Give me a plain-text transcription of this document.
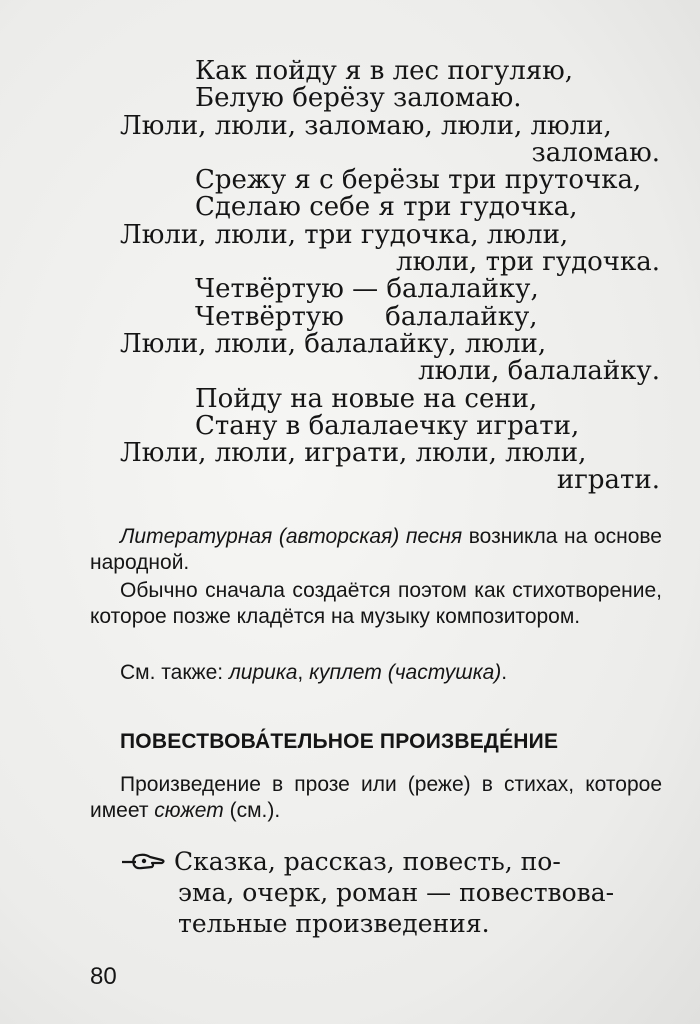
Как пойду я в лес погуляю,
Белую берёзу заломаю.
Люли, люли, заломаю, люли, люли,
заломаю.
Срежу я с берёзы три пруточка,
Сделаю себе я три гудочка,
Люли, люли, три гудочка, люли,
люли, три гудочка.
Четвёртую — балалайку,
Четвёртую     балалайку,
Люли, люли, балалайку, люли,
люли, балалайку.
Пойду на новые на сени,
Стану в балалаечку играти,
Люли, люли, играти, люли, люли,
играти.
Литературная (авторская) песня возникла на основе народной.
Обычно сначала создаётся поэтом как стихотворение, которое позже кладётся на музыку композитором.
См. также: лирика, куплет (частушка).
ПОВЕСТВОВА́ТЕЛЬНОЕ ПРОИЗВЕДЕ́НИЕ
Произведение в прозе или (реже) в стихах, которое имеет сюжет (см.).
Сказка, рассказ, повесть, по-
эма, очерк, роман — повествова-
тельные произведения.
80
